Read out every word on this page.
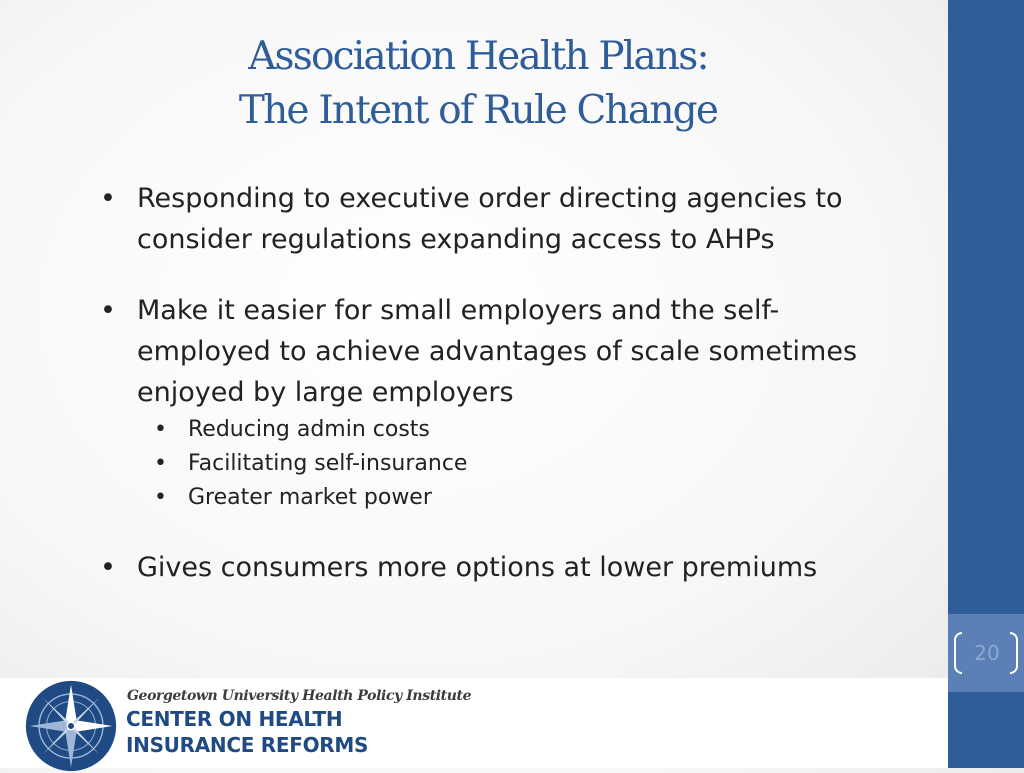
20
Association Health Plans:
The Intent of Rule Change
• Responding to executive order directing agencies to
consider regulations expanding access to AHPs
• Make it easier for small employers and the self-
employed to achieve advantages of scale sometimes
enjoyed by large employers
• Reducing admin costs
• Facilitating self-insurance
• Greater market power
• Gives consumers more options at lower premiums
Georgetown University Health Policy Institute
CENTER ON HEALTH
INSURANCE REFORMS
